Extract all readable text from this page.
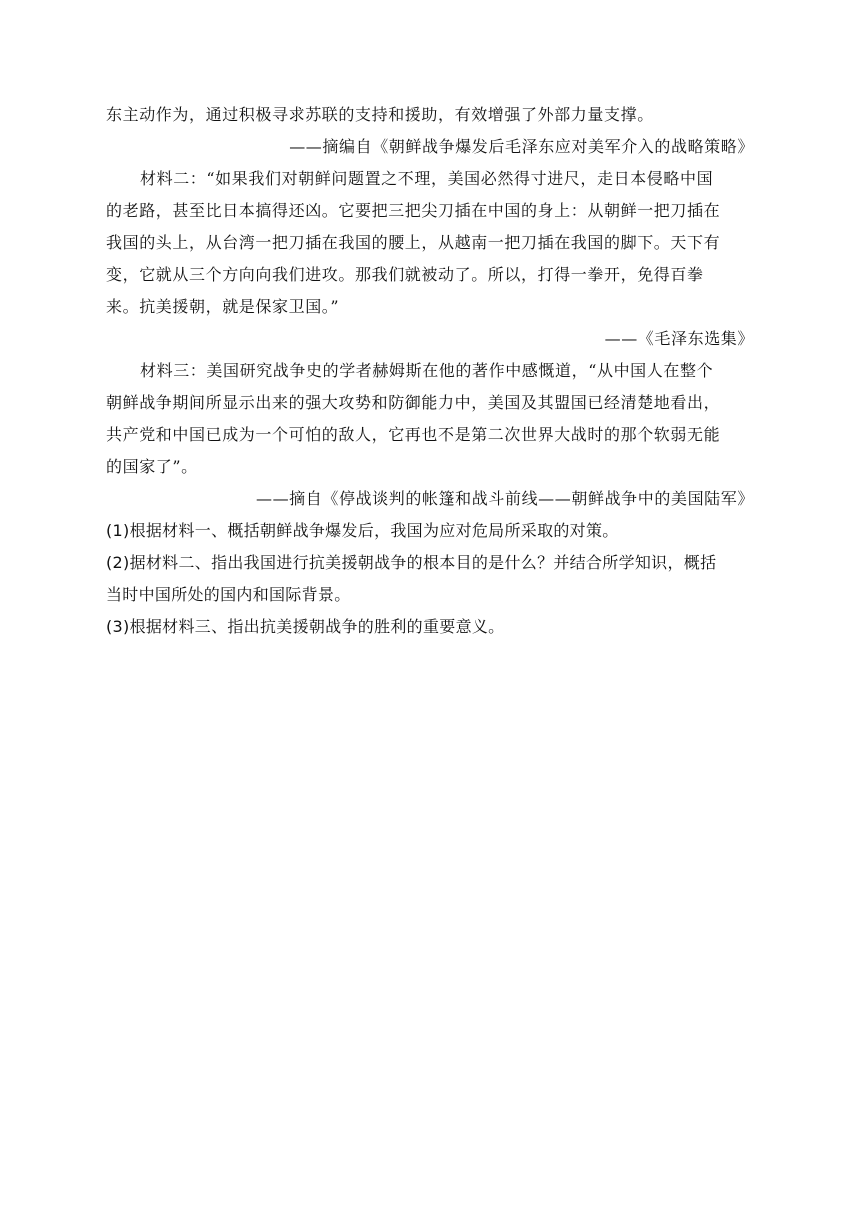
东主动作为，通过积极寻求苏联的支持和援助，有效增强了外部力量支撑。
——摘编自《朝鲜战争爆发后毛泽东应对美军介入的战略策略》
材料二：“如果我们对朝鲜问题置之不理，美国必然得寸进尺，走日本侵略中国
的老路，甚至比日本搞得还凶。它要把三把尖刀插在中国的身上：从朝鲜一把刀插在
我国的头上，从台湾一把刀插在我国的腰上，从越南一把刀插在我国的脚下。天下有
变，它就从三个方向向我们进攻。那我们就被动了。所以，打得一拳开，免得百拳
来。抗美援朝，就是保家卫国。”
——《毛泽东选集》
材料三：美国研究战争史的学者赫姆斯在他的著作中感慨道，“从中国人在整个
朝鲜战争期间所显示出来的强大攻势和防御能力中，美国及其盟国已经清楚地看出，
共产党和中国已成为一个可怕的敌人，它再也不是第二次世界大战时的那个软弱无能
的国家了”。
——摘自《停战谈判的帐篷和战斗前线——朝鲜战争中的美国陆军》
(1)根据材料一、概括朝鲜战争爆发后，我国为应对危局所采取的对策。
(2)据材料二、指出我国进行抗美援朝战争的根本目的是什么？并结合所学知识，概括
当时中国所处的国内和国际背景。
(3)根据材料三、指出抗美援朝战争的胜利的重要意义。
